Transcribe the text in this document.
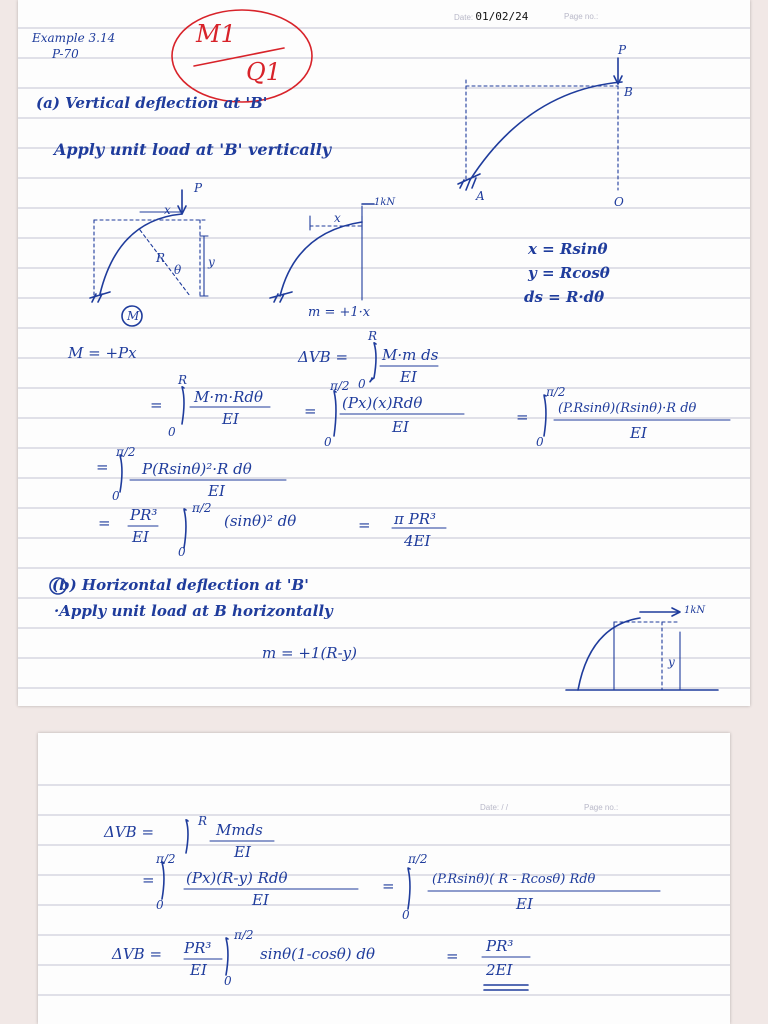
Date: 01/02/24	Page no.:
Example 3.14
P-70
M1
Q1
(a) Vertical deflection at 'B'
Apply unit load at 'B' vertically
P
B
A	O
P
x
R
θ
y
1kN
x
M	m = +1·x
x = Rsinθ
y = Rcosθ
ds = R·dθ
M = +Px	ΔVB =
R
0
M·m ds
EI
=
R
0
M·m·Rdθ
EI	=
π/2
0
(Px)(x)Rdθ
EI
=
π/2
0
(P.Rsinθ)(Rsinθ)·R dθ
EI
=
π/2
0
P(Rsinθ)²·R dθ
EI
= PR³
EI
π/2
0
(sinθ)² dθ	= π PR³
4EI
(b) Horizontal deflection at 'B'
·Apply unit load at B horizontally
m = +1(R-y)
1kN
y
Date: / /	Page no.:
ΔVB =
R Mmds
EI
=
π/2
0
(Px)(R-y) Rdθ
EI
=
π/2
0
(P.Rsinθ)( R - Rcosθ) Rdθ
EI
ΔVB = PR³
EI
π/2
0
sinθ(1-cosθ) dθ	=
PR³
2EI
